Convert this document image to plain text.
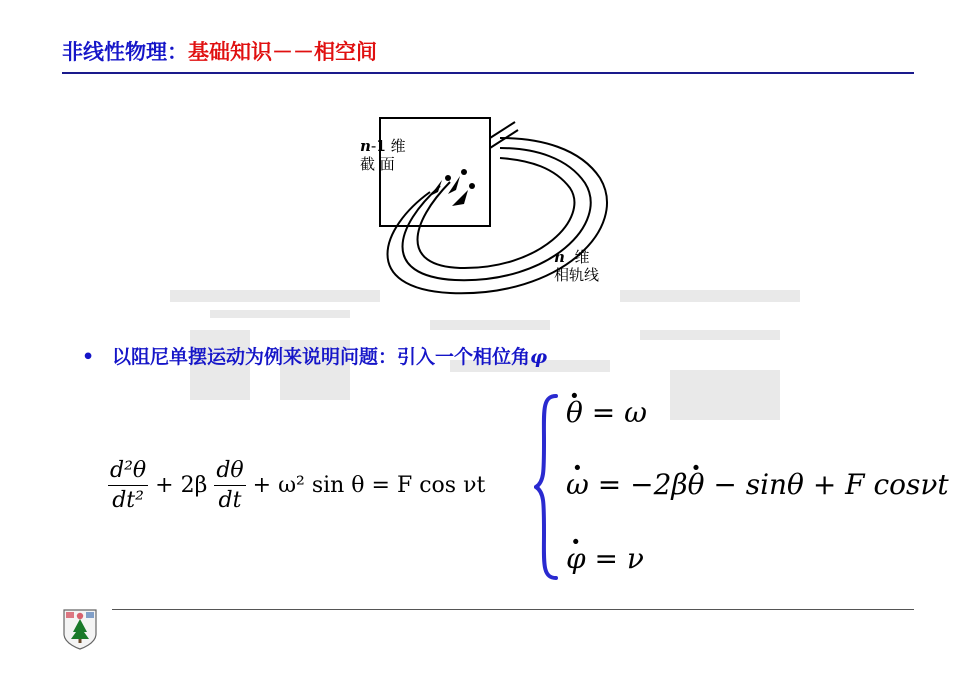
非线性物理：基础知识－－相空间
n-1 维
截 面
n 维
相轨线
• 以阻尼单摆运动为例来说明问题：引入一个相位角φ
$\frac{\text{d²θ}}{\text{dt²}} + 2\beta \frac{d\theta}{dt} + \omega^2$ sin θ = F cos νt
θ · = ω
ω · = −2βθ · − sinθ + F cosνt
φ · = ν
